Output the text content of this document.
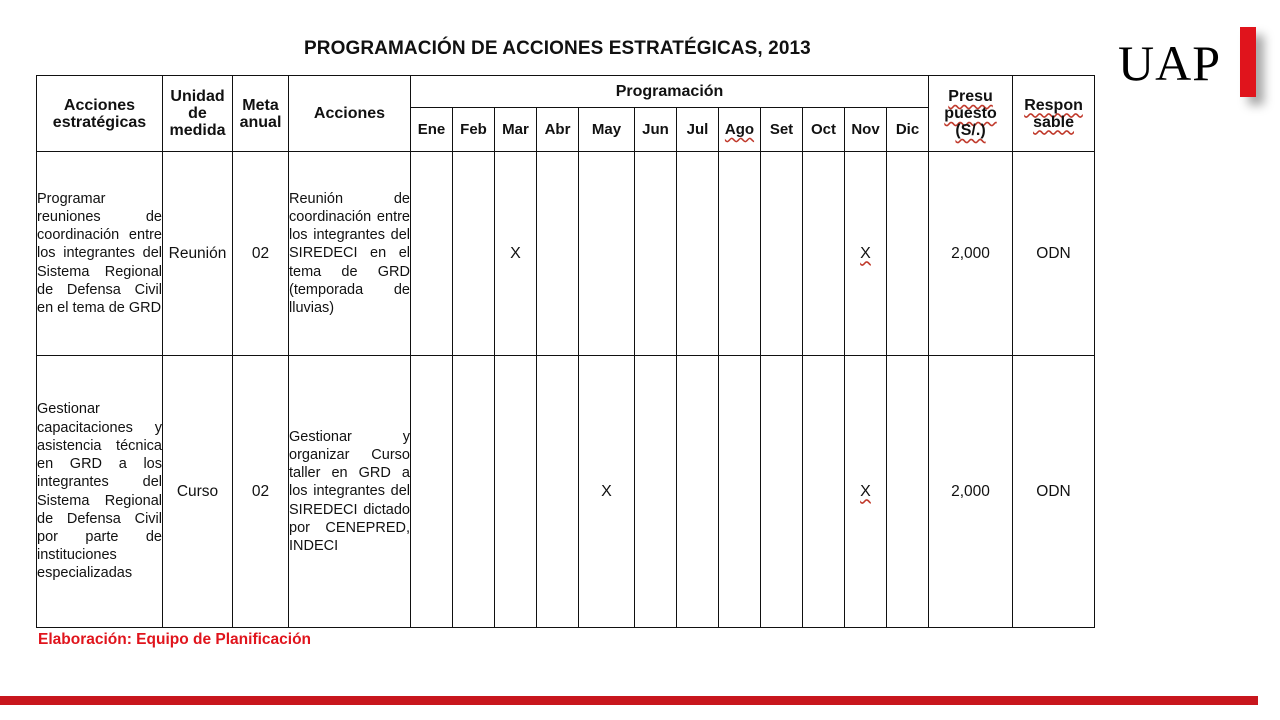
PROGRAMACIÓN DE ACCIONES ESTRATÉGICAS, 2013	UAP
Acciones estratégicas	Unidad de medida	Meta anual	Acciones	Programación												Presu puesto (S/.)	Respon sable
				Ene	Feb	Mar	Abr	May	Jun	Jul	Ago	Set	Oct	Nov	Dic		
Programar reuniones de coordinación entre los integrantes del Sistema Regional de Defensa Civil en el tema de GRD	Reunión	02	Reunión de coordinación entre los integrantes del SIREDECI en el tema de GRD (temporada de lluvias)			X								X		2,000	ODN
Gestionar capacitaciones y asistencia técnica en GRD a los integrantes del Sistema Regional de Defensa Civil por parte de instituciones especializadas	Curso	02	Gestionar y organizar Curso taller en GRD a los integrantes del SIREDECI dictado por CENEPRED, INDECI					X						X		2,000	ODN
Elaboración: Equipo de Planificación
